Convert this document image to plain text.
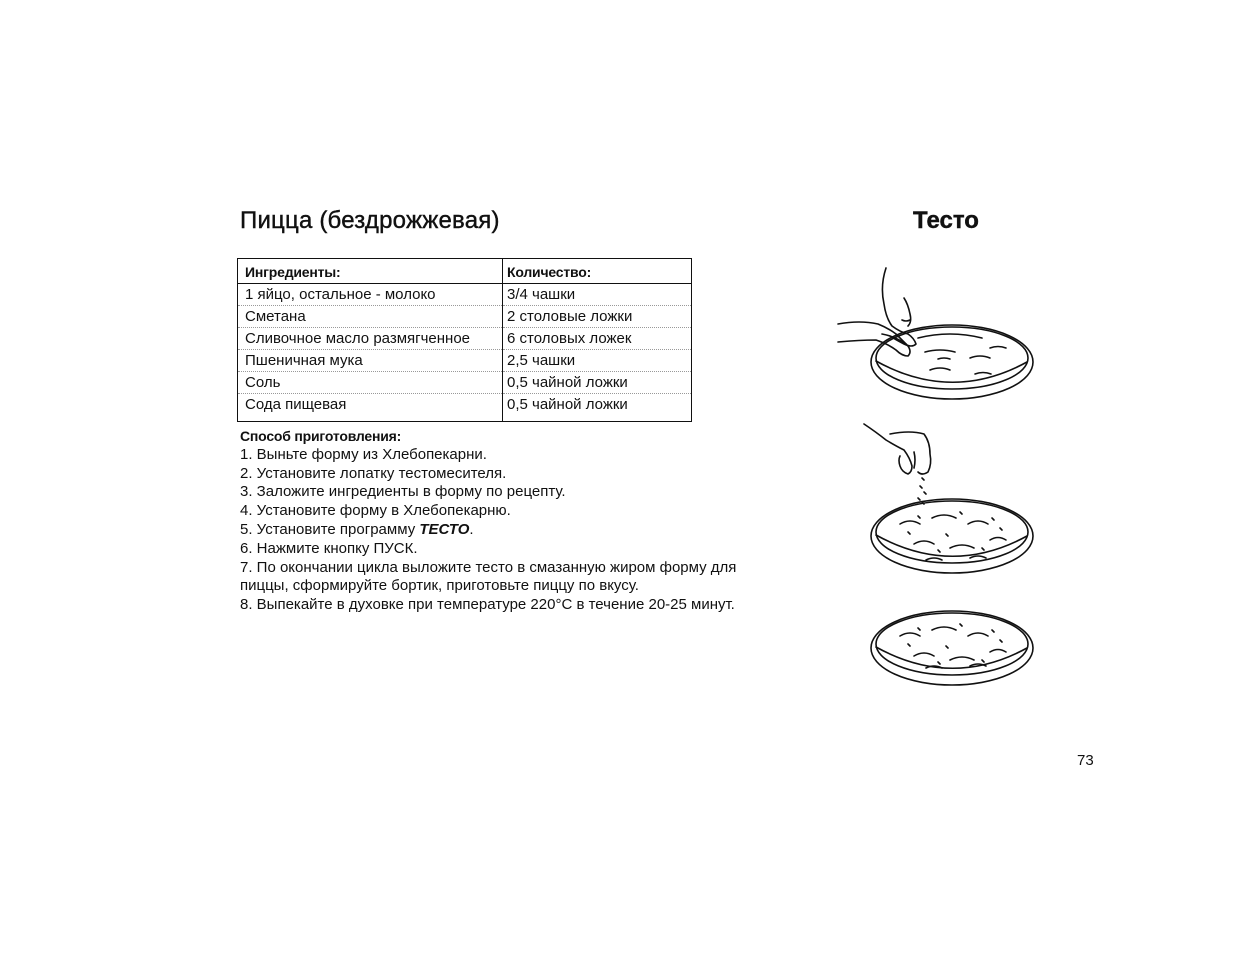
Пицца (бездрожжевая)	Тесто
Ингредиенты:	Количество:
1 яйцо, остальное - молоко	3/4 чашки
Сметана	2 столовые ложки
Сливочное масло размягченное	6 столовых ложек
Пшеничная мука	2,5 чашки
Соль	0,5 чайной ложки
Сода пищевая	0,5 чайной ложки
Способ приготовления:

1. Выньте форму из Хлебопекарни.

2. Установите лопатку тестомесителя.

3. Заложите ингредиенты в форму по рецепту.

4. Установите форму в Хлебопекарню.

5. Установите программу ТЕСТО.

6. Нажмите кнопку ПУСК.

7. По окончании цикла выложите тесто в смазанную жиром форму для пиццы, сформируйте бортик, приготовьте пиццу по вкусу.

8. Выпекайте в духовке при температуре 220°С в течение 20-25 минут.

73
